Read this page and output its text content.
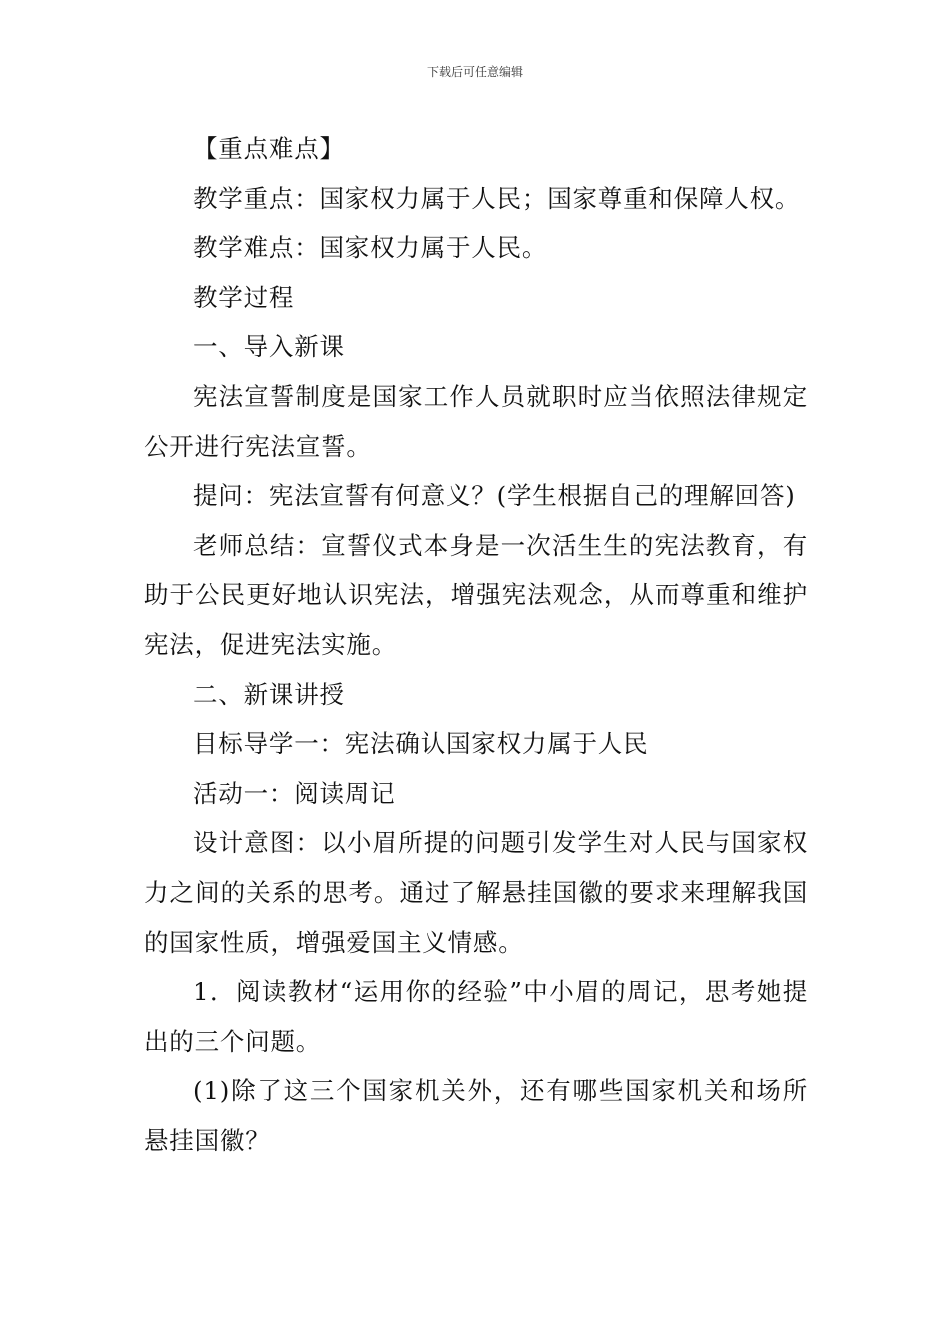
下载后可任意编辑

【重点难点】

教学重点：国家权力属于人民；国家尊重和保障人权。

教学难点：国家权力属于人民。

教学过程

一、导入新课

宪法宣誓制度是国家工作人员就职时应当依照法律规定公开进行宪法宣誓。

提问：宪法宣誓有何意义？(学生根据自己的理解回答)

老师总结：宣誓仪式本身是一次活生生的宪法教育，有助于公民更好地认识宪法，增强宪法观念，从而尊重和维护宪法，促进宪法实施。

二、新课讲授

目标导学一：宪法确认国家权力属于人民

活动一：阅读周记

设计意图：以小眉所提的问题引发学生对人民与国家权力之间的关系的思考。通过了解悬挂国徽的要求来理解我国的国家性质，增强爱国主义情感。

1．阅读教材“运用你的经验”中小眉的周记，思考她提出的三个问题。

(1)除了这三个国家机关外，还有哪些国家机关和场所悬挂国徽？
